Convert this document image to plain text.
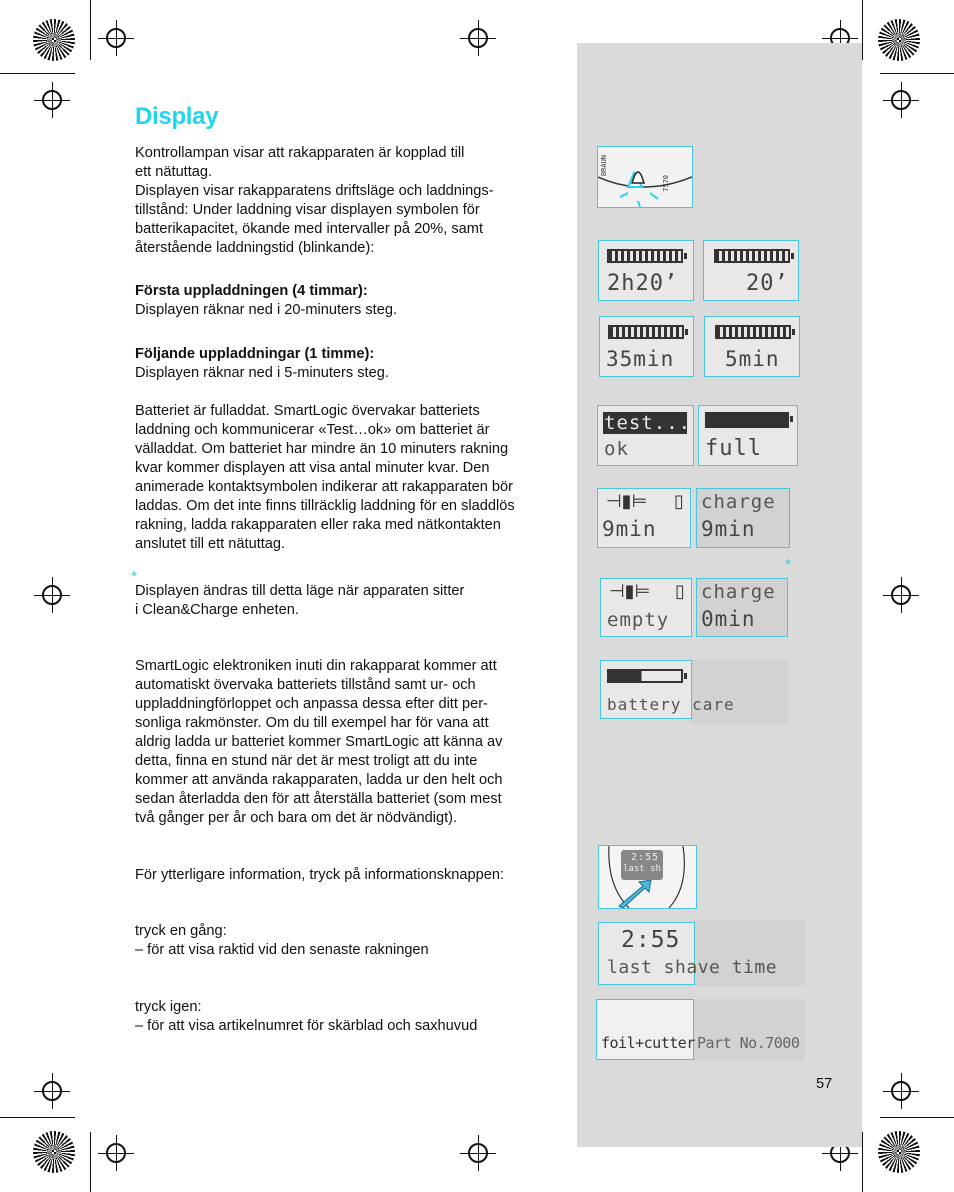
Display
Kontrollampan visar att rakapparaten är kopplad till
ett nätuttag.
Displayen visar rakapparatens driftsläge och laddnings-
tillstånd: Under laddning visar displayen symbolen för
batterikapacitet, ökande med intervaller på 20%, samt
återstående laddningstid (blinkande):
Första uppladdningen (4 timmar):
Displayen räknar ned i 20-minuters steg.
Följande uppladdningar (1 timme):
Displayen räknar ned i 5-minuters steg.
Batteriet är fulladdat. SmartLogic övervakar batteriets
laddning och kommunicerar «Test…ok» om batteriet är
välladdat. Om batteriet har mindre än 10 minuters rakning
kvar kommer displayen att visa antal minuter kvar. Den
animerade kontaktsymbolen indikerar att rakapparaten bör
laddas. Om det inte finns tillräcklig laddning för en sladdlös
rakning, ladda rakapparaten eller raka med nätkontakten
anslutet till ett nätuttag.
*
*
Displayen ändras till detta läge när apparaten sitter
i Clean&Charge enheten.
SmartLogic elektroniken inuti din rakapparat kommer att
automatiskt övervaka batteriets tillstånd samt ur- och
uppladdningförloppet och anpassa dessa efter ditt per-
sonliga rakmönster. Om du till exempel har för vana att
aldrig ladda ur batteriet kommer SmartLogic att känna av
detta, finna en stund när det är mest troligt att du inte
kommer att använda rakapparaten, ladda ur den helt och
sedan återladda den för att återställa batteriet (som mest
två gånger per år och bara om det är nödvändigt).
För ytterligare information, tryck på informationsknappen:
tryck en gång:
– för att visa raktid vid den senaste rakningen
tryck igen:
– för att visa artikelnumret för skärblad och saxhuvud
57
BRAUN
7570
2h20’	20’
35min 5min
test...
ok	full
⊣▮⊨ ▯
9min
charge
9min
⊣▮⊨ ▯
empty
charge
0min
battery care
2:55
last sh
2:55
last shave time
foil+cutter Part No.7000
